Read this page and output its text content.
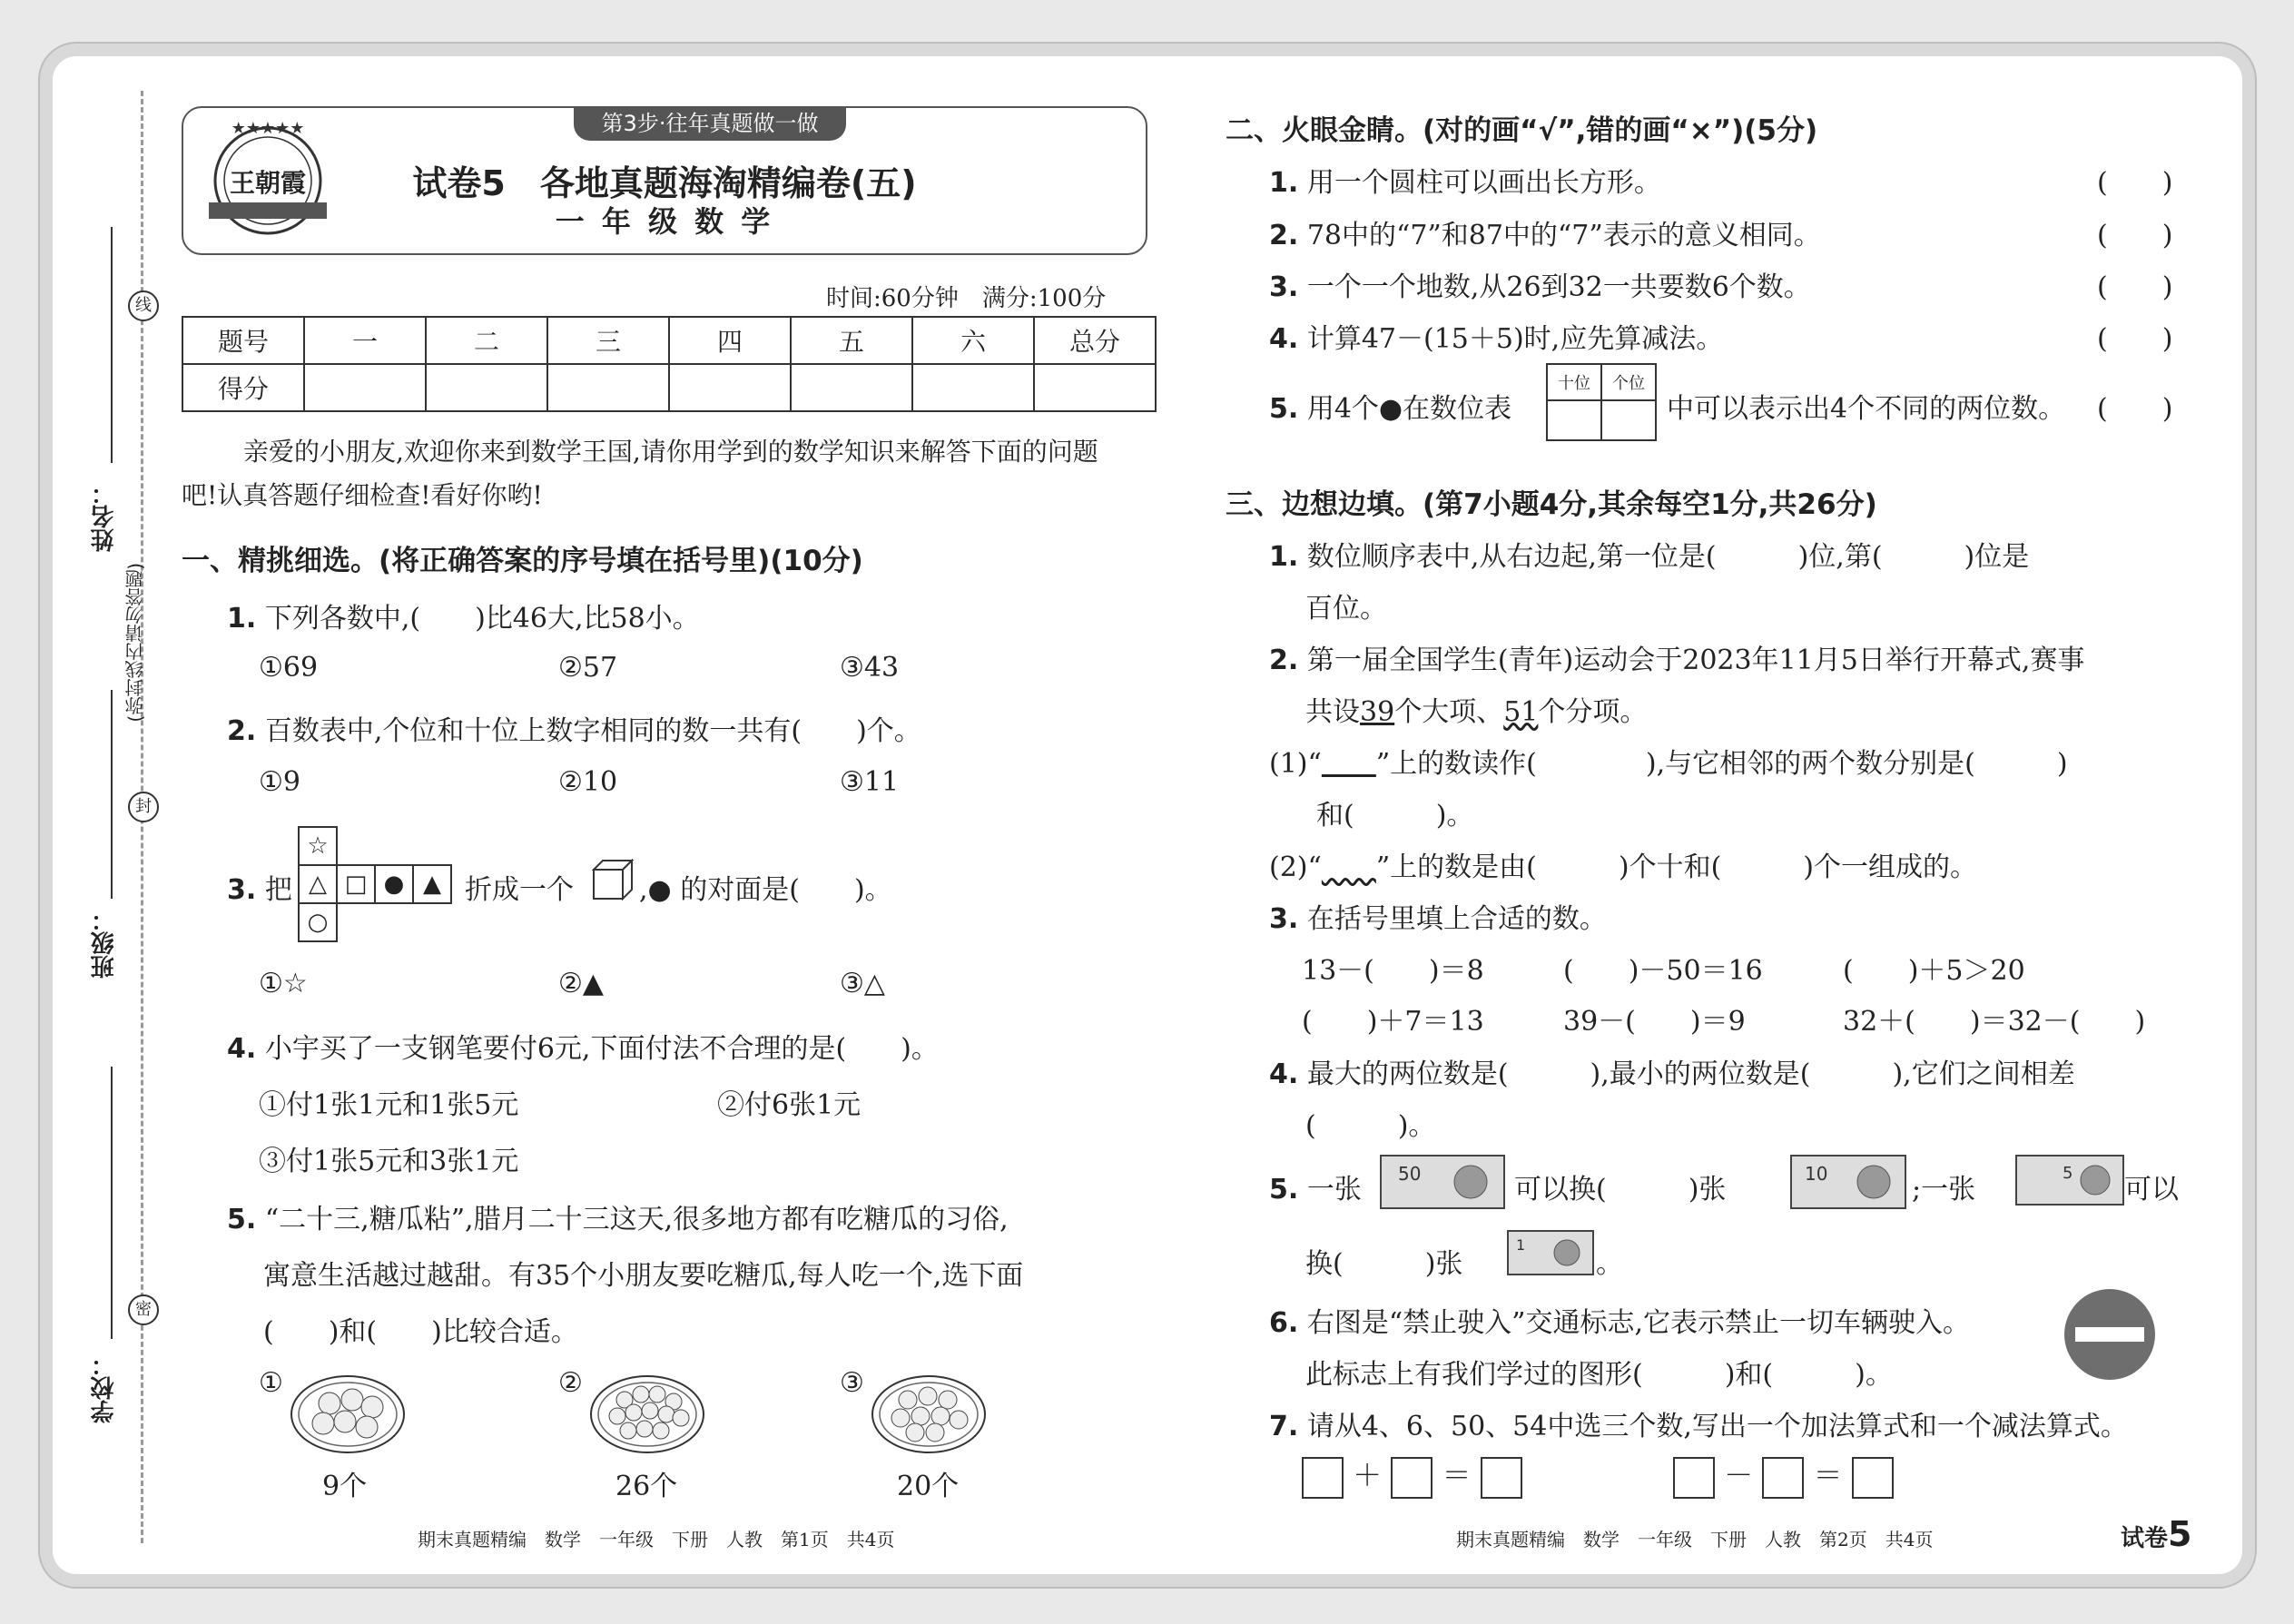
线
封
密
(弥封线内请勿答题)
姓名：
班级：
学校：
第3步·往年真题做一做
★★★★★
王朝霞	试卷5　各地真题海淘精编卷(五)
一 年 级 数 学
时间:60分钟　满分:100分
题号	一	二	三	四	五	六	总分
得分							
亲爱的小朋友,欢迎你来到数学王国,请你用学到的数学知识来解答下面的问题
吧!认真答题仔细检查!看好你哟!
一、精挑细选。(将正确答案的序号填在括号里)(10分)
1. 下列各数中,(　　)比46大,比58小。
①69	②57	③43
2. 百数表中,个位和十位上数字相同的数一共有(　　)个。
①9	②10	③11
3. 把
☆
△ □ ● ▲
○
折成一个 ,● 的对面是(　　)。
①☆	②▲	③△
4. 小宇买了一支钢笔要付6元,下面付法不合理的是(　　)。
①付1张1元和1张5元	②付6张1元
③付1张5元和3张1元
5. “二十三,糖瓜粘”,腊月二十三这天,很多地方都有吃糖瓜的习俗,
寓意生活越过越甜。有35个小朋友要吃糖瓜,每人吃一个,选下面
(　　)和(　　)比较合适。
①
9个
②
26个
③
20个
期末真题精编　数学　一年级　下册　人教　第1页　共4页
二、火眼金睛。(对的画“√”,错的画“×”)(5分)
1. 用一个圆柱可以画出长方形。	(　　)
2. 78中的“7”和87中的“7”表示的意义相同。	(　　)
3. 一个一个地数,从26到32一共要数6个数。	(　　)
4. 计算47－(15＋5)时,应先算减法。	(　　)
5. 用4个●在数位表
十位	个位

中可以表示出4个不同的两位数。 (　　)
三、边想边填。(第7小题4分,其余每空1分,共26分)
1. 数位顺序表中,从右边起,第一位是(　　　)位,第(　　　)位是
百位。
2. 第一届全国学生(青年)运动会于2023年11月5日举行开幕式,赛事
共设39个大项、51个分项。
(1)“　　 ”上的数读作(　　　　),与它相邻的两个数分别是(　　　)
和(　　　)。
(2)“　　 ”上的数是由(　　　)个十和(　　　)个一组成的。
3. 在括号里填上合适的数。
13－(　　)＝8	(　　)－50＝16	(　　)＋5＞20
(　　)＋7＝13	39－(　　)＝9	32＋(　　)＝32－(　　)
4. 最大的两位数是(　　　),最小的两位数是(　　　),它们之间相差
(　　　)。
5. 一张 50	可以换(　　　)张	10	;一张
5
可以
换(　　　)张
1
。
6. 右图是“禁止驶入”交通标志,它表示禁止一切车辆驶入。
此标志上有我们学过的图形(　　　)和(　　　)。
7. 请从4、6、50、54中选三个数,写出一个加法算式和一个减法算式。
＋ ＝	－ ＝
期末真题精编　数学　一年级　下册　人教　第2页　共4页	试卷5
